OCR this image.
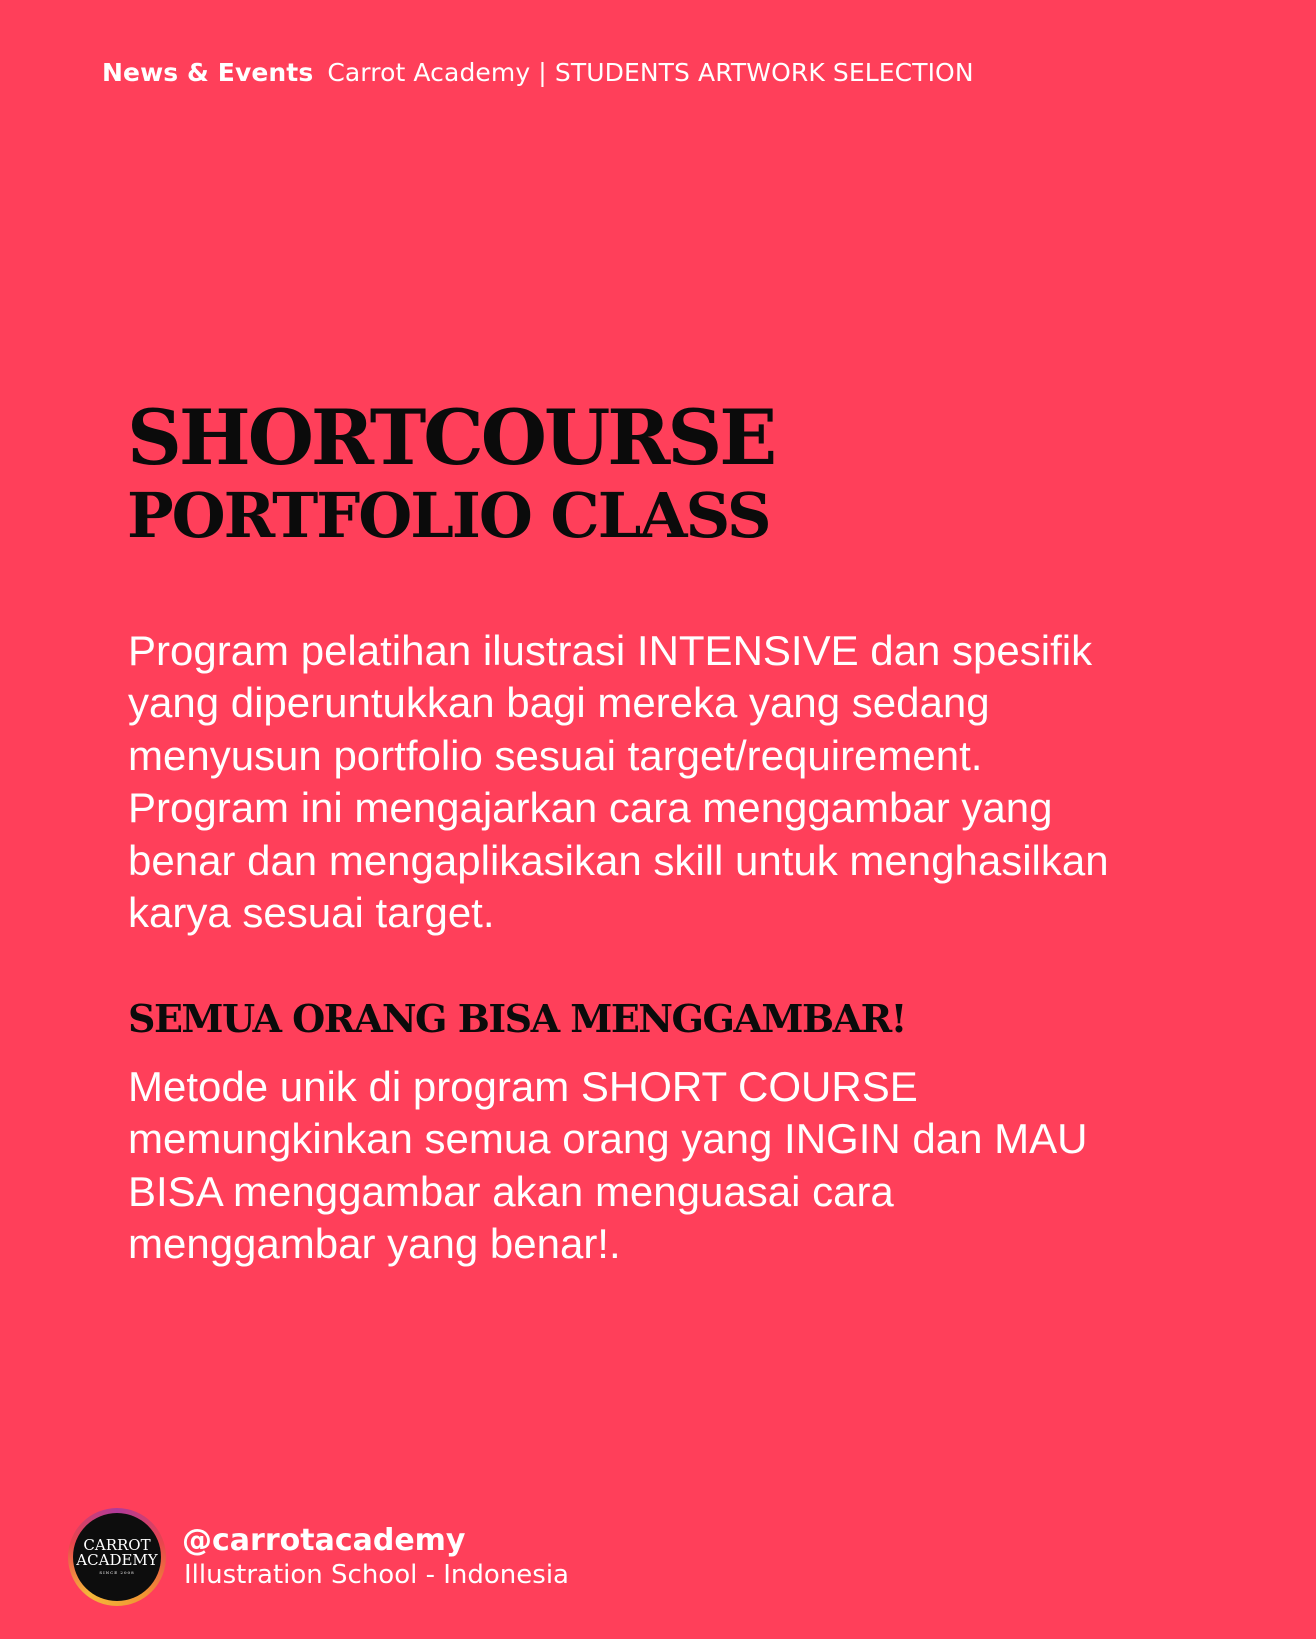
News & Events Carrot Academy | STUDENTS ARTWORK SELECTION
SHORTCOURSE
PORTFOLIO CLASS
Program pelatihan ilustrasi INTENSIVE dan spesifik
yang diperuntukkan bagi mereka yang sedang
menyusun portfolio sesuai target/requirement.
Program ini mengajarkan cara menggambar yang
benar dan mengaplikasikan skill untuk menghasilkan
karya sesuai target.
SEMUA ORANG BISA MENGGAMBAR!
Metode unik di program SHORT COURSE
memungkinkan semua orang yang INGIN dan MAU
BISA menggambar akan menguasai cara
menggambar yang benar!.
CARROT
ACADEMY
SINCE 2008
@carrotacademy
Illustration School - Indonesia
